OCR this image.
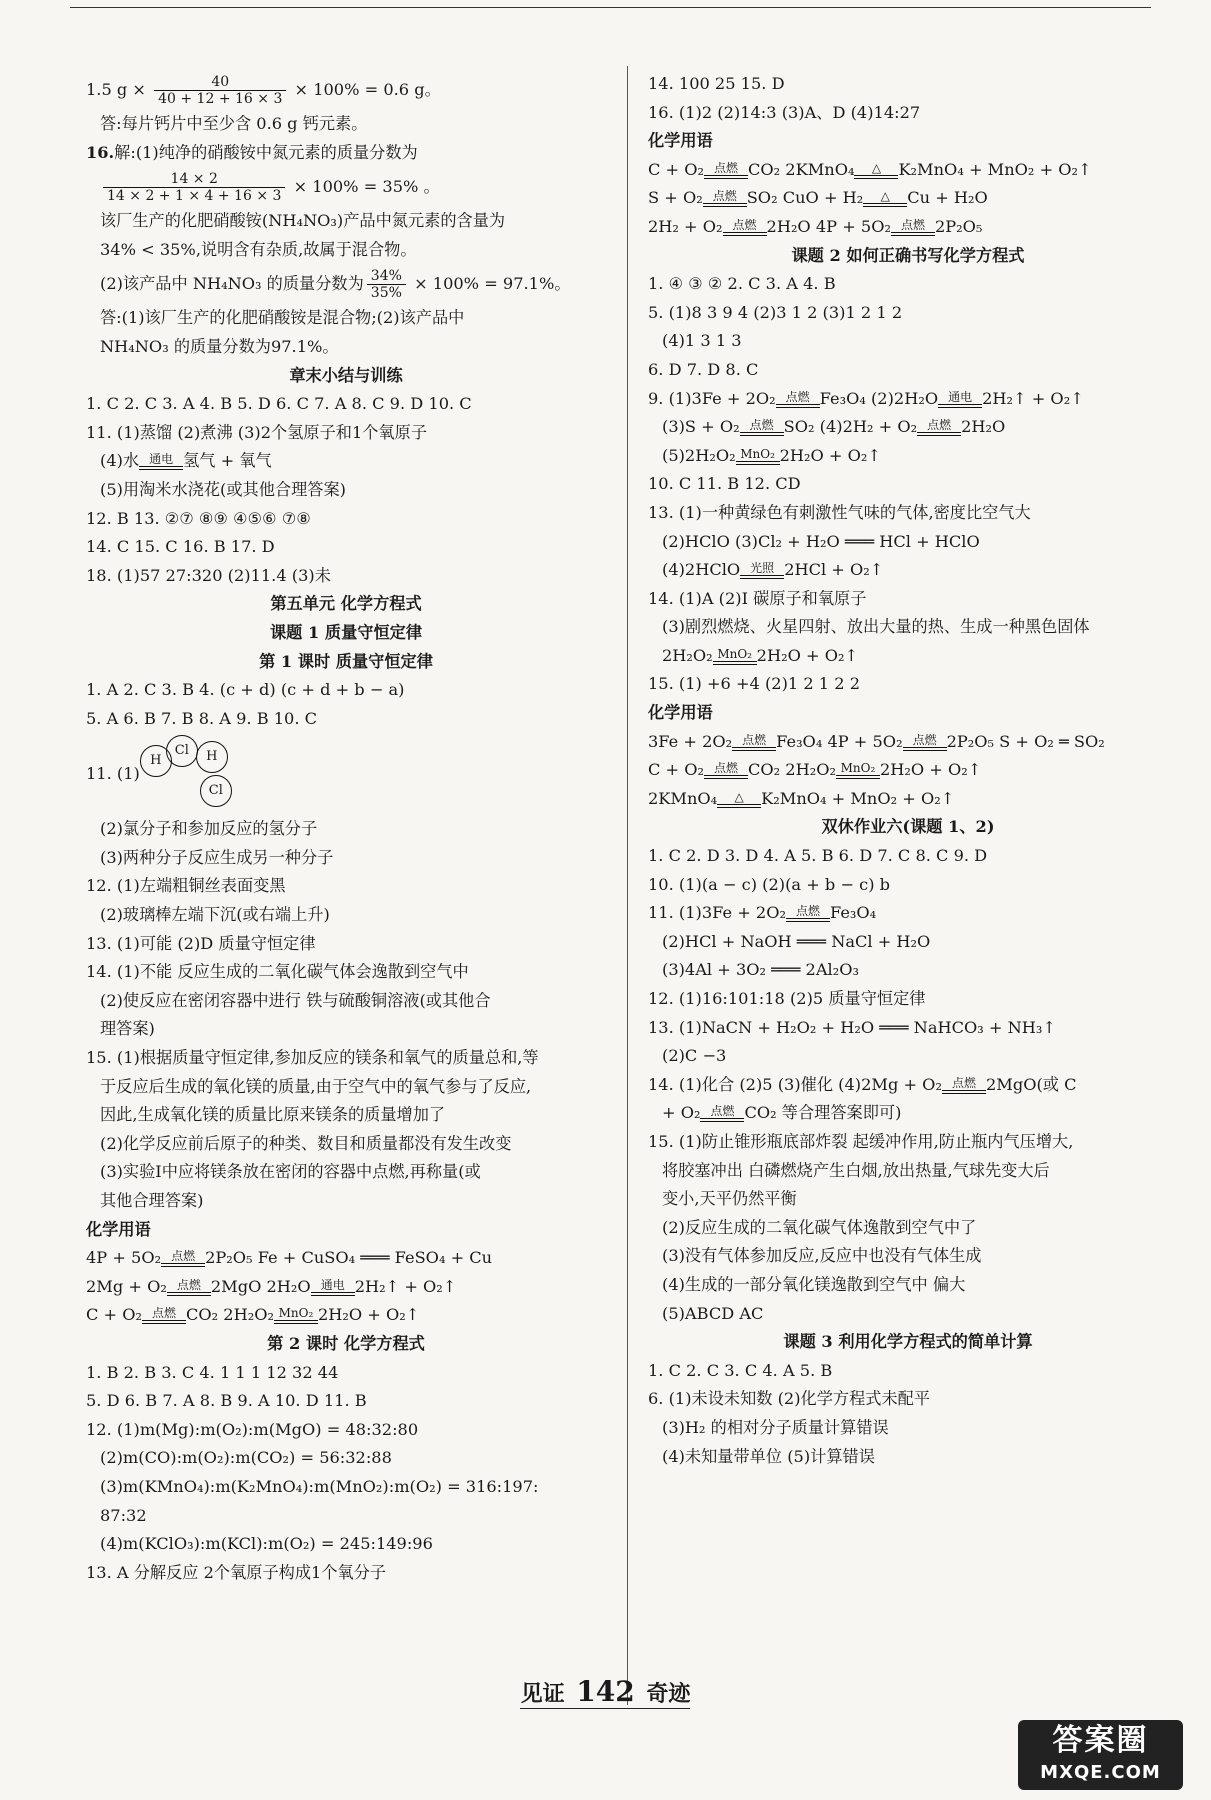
1.5 $g \times \frac{40}{40 + 12 + 16 \times 3} \times 100\% = 0.6$ g。
答:每片钙片中至少含 0.6 g 钙元素。
16.解:(1)纯净的硝酸铵中氮元素的质量分数为
$\frac{14 \times 2}{14 \times 2 + 1 \times 4 + 16 \times 3} \times 100\% = 35\%$ 。
该厂生产的化肥硝酸铵(NH₄NO₃)产品中氮元素的含量为
34% < 35%,说明含有杂质,故属于混合物。
(2)该产品中 NH₄NO₃ 的质量分数为 $\frac{34\%}{35\%} \times 100\% = 97.1\%$。
答:(1)该厂生产的化肥硝酸铵是混合物;(2)该产品中
NH₄NO₃ 的质量分数为97.1%。
章末小结与训练
1. C 2. C 3. A 4. B 5. D 6. C 7. A 8. C 9. D 10. C
11. (1)蒸馏 (2)煮沸 (3)2个氢原子和1个氧原子
(4)水 通电 氢气 + 氧气
(5)用淘米水浇花(或其他合理答案)
12. B 13. ②⑦ ⑧⑨ ④⑤⑥ ⑦⑧
14. C 15. C 16. B 17. D
18. (1)57 27:320 (2)11.4 (3)未
第五单元 化学方程式
课题 1 质量守恒定律
第 1 课时 质量守恒定律
1. A 2. C 3. B 4. (c + d) (c + d + b − a)
5. A 6. B 7. B 8. A 9. B 10. C
11. (1)
H
Cl	H
Cl
(2)氯分子和参加反应的氢分子
(3)两种分子反应生成另一种分子
12. (1)左端粗铜丝表面变黑
(2)玻璃棒左端下沉(或右端上升)
13. (1)可能 (2)D 质量守恒定律
14. (1)不能 反应生成的二氧化碳气体会逸散到空气中
(2)使反应在密闭容器中进行 铁与硫酸铜溶液(或其他合
理答案)
15. (1)根据质量守恒定律,参加反应的镁条和氧气的质量总和,等
于反应后生成的氧化镁的质量,由于空气中的氧气参与了反应,
因此,生成氧化镁的质量比原来镁条的质量增加了
(2)化学反应前后原子的种类、数目和质量都没有发生改变
(3)实验Ⅰ中应将镁条放在密闭的容器中点燃,再称量(或
其他合理答案)
化学用语
4P + 5O₂ 点燃 2P₂O₅ Fe + CuSO₄ ═══ FeSO₄ + Cu
2Mg + O₂ 点燃 2MgO 2H₂O 通电 2H₂↑ + O₂↑
C + O₂ 点燃 CO₂ 2H₂O₂ MnO₂ 2H₂O + O₂↑
第 2 课时 化学方程式
1. B 2. B 3. C 4. 1 1 1 12 32 44
5. D 6. B 7. A 8. B 9. A 10. D 11. B
12. (1)m(Mg):m(O₂):m(MgO) = 48:32:80
(2)m(CO):m(O₂):m(CO₂) = 56:32:88
(3)m(KMnO₄):m(K₂MnO₄):m(MnO₂):m(O₂) = 316:197:
87:32
(4)m(KClO₃):m(KCl):m(O₂) = 245:149:96
13. A 分解反应 2个氧原子构成1个氧分子
14. 100 25 15. D
16. (1)2 (2)14:3 (3)A、D (4)14:27
化学用语
C + O₂ 点燃 CO₂ 2KMnO₄	△	K₂MnO₄ + MnO₂ + O₂↑
S + O₂ 点燃 SO₂ CuO + H₂	△	Cu + H₂O
2H₂ + O₂ 点燃 2H₂O 4P + 5O₂ 点燃 2P₂O₅
课题 2 如何正确书写化学方程式
1. ④ ③ ② 2. C 3. A 4. B
5. (1)8 3 9 4 (2)3 1 2 (3)1 2 1 2
(4)1 3 1 3
6. D 7. D 8. C
9. (1)3Fe + 2O₂ 点燃 Fe₃O₄ (2)2H₂O 通电 2H₂↑ + O₂↑
(3)S + O₂ 点燃 SO₂ (4)2H₂ + O₂ 点燃 2H₂O
(5)2H₂O₂ MnO₂ 2H₂O + O₂↑
10. C 11. B 12. CD
13. (1)一种黄绿色有刺激性气味的气体,密度比空气大
(2)HClO (3)Cl₂ + H₂O ═══ HCl + HClO
(4)2HClO 光照 2HCl + O₂↑
14. (1)A (2)Ⅰ 碳原子和氧原子
(3)剧烈燃烧、火星四射、放出大量的热、生成一种黑色固体
2H₂O₂ MnO₂ 2H₂O + O₂↑
15. (1) +6 +4 (2)1 2 1 2 2
化学用语
3Fe + 2O₂ 点燃 Fe₃O₄ 4P + 5O₂ 点燃 2P₂O₅ S + O₂ ═ SO₂
C + O₂ 点燃 CO₂ 2H₂O₂ MnO₂ 2H₂O + O₂↑
2KMnO₄	△	K₂MnO₄ + MnO₂ + O₂↑
双休作业六(课题 1、2)
1. C 2. D 3. D 4. A 5. B 6. D 7. C 8. C 9. D
10. (1)(a − c) (2)(a + b − c) b
11. (1)3Fe + 2O₂ 点燃 Fe₃O₄
(2)HCl + NaOH ═══ NaCl + H₂O
(3)4Al + 3O₂ ═══ 2Al₂O₃
12. (1)16:101:18 (2)5 质量守恒定律
13. (1)NaCN + H₂O₂ + H₂O ═══ NaHCO₃ + NH₃↑
(2)C −3
14. (1)化合 (2)5 (3)催化 (4)2Mg + O₂ 点燃 2MgO(或 C
+ O₂ 点燃 CO₂ 等合理答案即可)
15. (1)防止锥形瓶底部炸裂 起缓冲作用,防止瓶内气压增大,
将胶塞冲出 白磷燃烧产生白烟,放出热量,气球先变大后
变小,天平仍然平衡
(2)反应生成的二氧化碳气体逸散到空气中了
(3)没有气体参加反应,反应中也没有气体生成
(4)生成的一部分氧化镁逸散到空气中 偏大
(5)ABCD AC
课题 3 利用化学方程式的简单计算
1. C 2. C 3. C 4. A 5. B
6. (1)未设未知数 (2)化学方程式未配平
(3)H₂ 的相对分子质量计算错误
(4)未知量带单位 (5)计算错误
见证 142 奇迹
答案圈
MXQE.COM
